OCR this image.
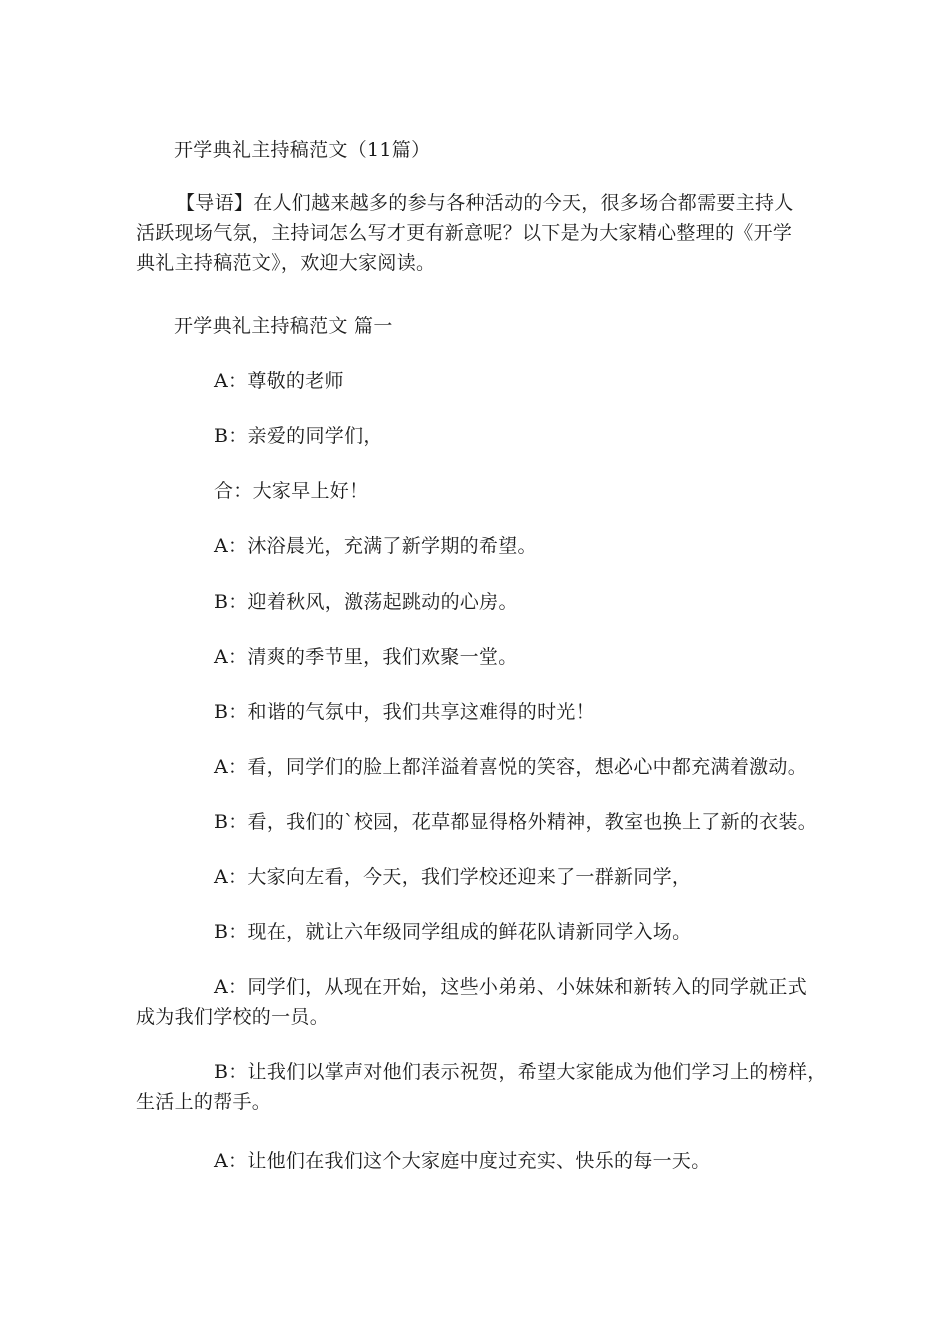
开学典礼主持稿范文（11篇）
【导语】在人们越来越多的参与各种活动的今天，很多场合都需要主持人活跃现场气氛，主持词怎么写才更有新意呢？以下是为大家精心整理的《开学典礼主持稿范文》，欢迎大家阅读。
开学典礼主持稿范文 篇一
A：尊敬的老师
B：亲爱的同学们，
合：大家早上好！
A：沐浴晨光，充满了新学期的希望。
B：迎着秋风，激荡起跳动的心房。
A：清爽的季节里，我们欢聚一堂。
B：和谐的气氛中，我们共享这难得的时光！
A：看，同学们的脸上都洋溢着喜悦的笑容，想必心中都充满着激动。
B：看，我们的`校园，花草都显得格外精神，教室也换上了新的衣装。
A：大家向左看，今天，我们学校还迎来了一群新同学，
B：现在，就让六年级同学组成的鲜花队请新同学入场。
A：同学们，从现在开始，这些小弟弟、小妹妹和新转入的同学就正式
成为我们学校的一员。
B：让我们以掌声对他们表示祝贺，希望大家能成为他们学习上的榜样，
生活上的帮手。
A：让他们在我们这个大家庭中度过充实、快乐的每一天。
